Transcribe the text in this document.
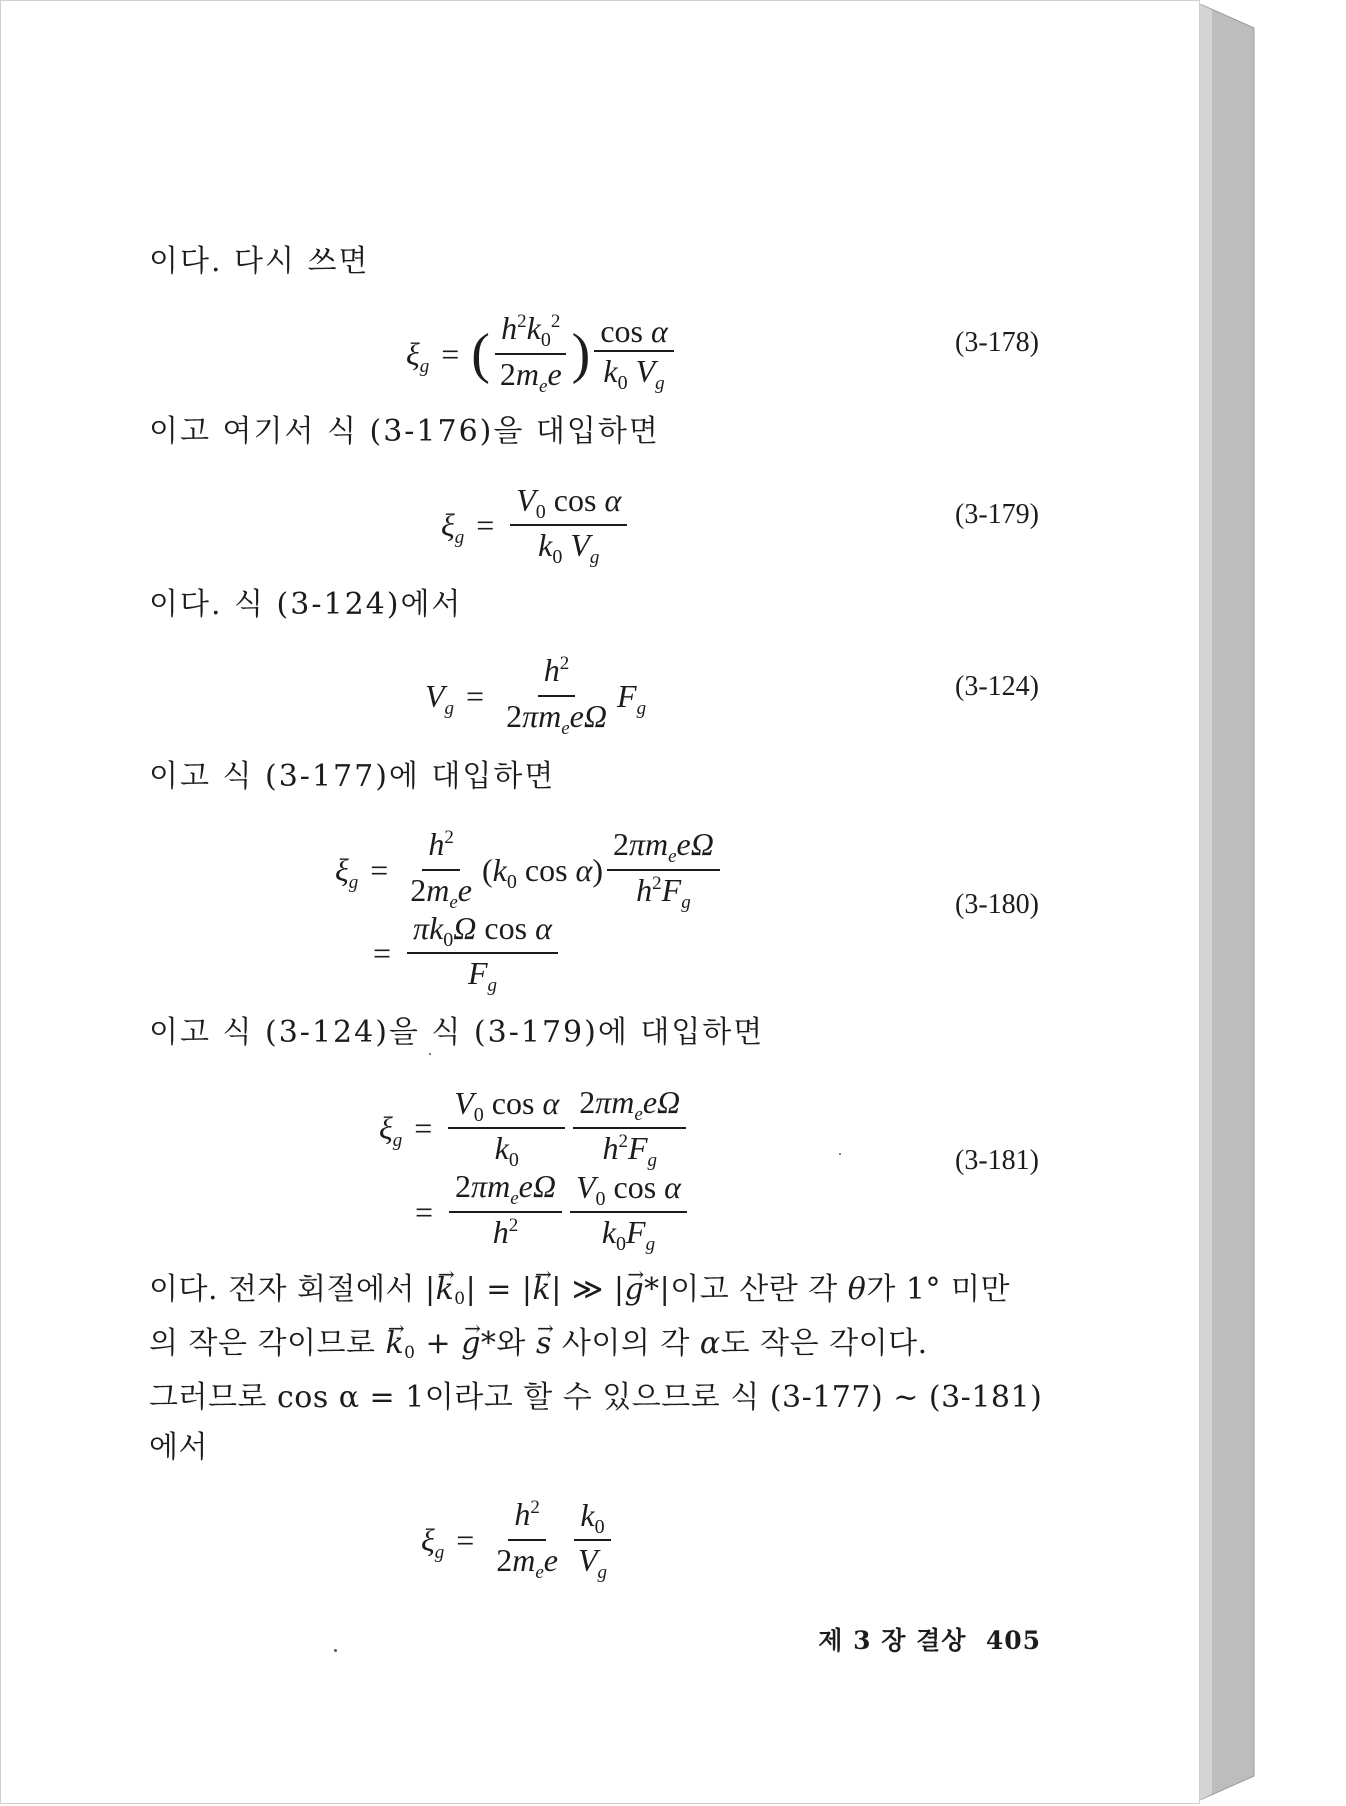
이다. 다시 쓰면

$\xi_g$ = ( $\frac{h^2k_0^2}{2m_ee}$ ) $\frac{\text{cos α}}{k_0 V_g}$	(3-178)

이고 여기서 식 (3-176)을 대입하면

$\xi_g = \frac{V_0 \cos \alpha}{k_0 V_g}$	(3-179)

이다. 식 (3-124)에서

$V_g = \frac{h^2}{2\pi m_ee\Omega} F_g$
(3-124)

이고 식 (3-177)에 대입하면

$\xi_g = \frac{h^2}{2m_ee}$ ( $k_0$ cos α ) $\frac{2\pi m_ee\Omega}{h^2F_g}$
= $\frac{\pi k_0\Omega \cos \alpha}{F_g}$
(3-180)

이고 식 (3-124)을 식 (3-179)에 대입하면

$\xi_g = \frac{V_0 \cos \alpha}{k_0} \frac{2\pi m_ee\Omega}{h^2F_g}$
= $\frac{2\pi m_ee\Omega}{h^2} \frac{V_0 \cos \alpha}{k_0F_g}$
(3-181)
이다. 전자 회절에서 |→ k0| = |→ k| ≫ |→ g*|이고 산란 각 θ가 1° 미만
의 작은 각이므로 → k0 + → g*와 → s 사이의 각 α도 작은 각이다.
그러므로 cos α = 1이라고 할 수 있으므로 식 (3-177) ~ (3-181)
에서
$\xi_g = \frac{h^2}{2m_ee} \frac{k_0}{V_g}$
제 3 장 결상 405
